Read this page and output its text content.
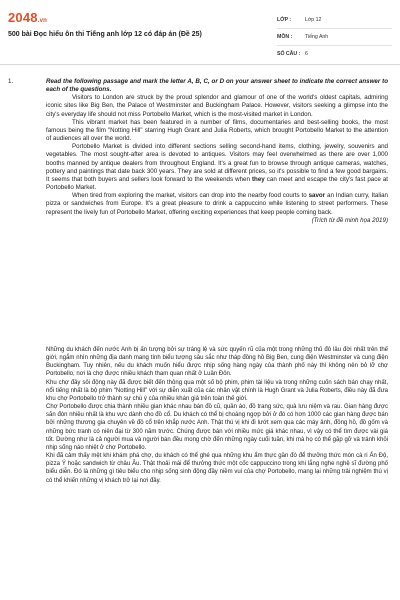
2048.vn
500 bài Đọc hiểu ôn thi Tiếng anh lớp 12 có đáp án (Đề 25)
LỚP :	Lớp 12
MÔN :	Tiếng Anh
SỐ CÂU : 6
1.	Read the following passage and mark the letter A, B, C, or D on your answer sheet to indicate the correct answer to each of the questions.

Visitors to London are struck by the proud splendor and glamour of one of the world's oldest capitals, admiring iconic sites like Big Ben, the Palace of Westminster and Buckingham Palace. However, visitors seeking a glimpse into the city's everyday life should not miss Portobello Market, which is the most-visited market in London.

This vibrant market has been featured in a number of films, documentaries and best-selling books, the most famous being the film "Notting Hill" starring Hugh Grant and Julia Roberts, which brought Portobello Market to the attention of audiences all over the world.

Portobello Market is divided into different sections selling second-hand items, clothing, jewelry, souvenirs and vegetables. The most sought-after area is devoted to antiques. Visitors may feel overwhelmed as there are over 1,000 booths manned by antique dealers from throughout England. It's a great fun to browse through antique cameras, watches, pottery and paintings that date back 300 years. They are sold at different prices, so it's possible to find a few good bargains. It seems that both buyers and sellers look forward to the weekends when they can meet and escape the city's fast pace at Portobello Market.

When tired from exploring the market, visitors can drop into the nearby food courts to savor an Indian curry, Italian pizza or sandwiches from Europe. It's a great pleasure to drink a cappuccino while listening to street performers. These represent the lively fun of Portobello Market, offering exciting experiences that keep people coming back.

(Trích từ đề minh họa 2019)

Những du khách đến nước Anh bị ấn tượng bởi sự tráng lệ và sức quyến rũ của một trong những thủ đô lâu đời nhất trên thế giới, ngắm nhìn những địa danh mang tính biểu tượng sâu sắc như tháp đồng hồ Big Ben, cung điện Westminster và cung điện Buckingham. Tuy nhiên, nếu du khách muốn hiểu được nhịp sống hàng ngày của thành phố này thì không nên bỏ lỡ chợ Portobello, nơi là chợ được nhiều khách tham quan nhất ở Luân Đôn.

Khu chợ đầy sôi động này đã được biết đến thông qua một số bộ phim, phim tài liệu và trong những cuốn sách bán chạy nhất, nổi tiếng nhất là bộ phim "Notting Hill" với sự diễn xuất của các nhân vật chính là Hugh Grant và Julia Roberts, điều này đã đưa khu chợ Portobello trở thành sự chú ý của nhiều khán giả trên toàn thế giới.

Chợ Portobello được chia thành nhiều gian khác nhau bán đồ cũ, quần áo, đồ trang sức, quà lưu niệm và rau. Gian hàng được săn đón nhiều nhất là khu vực dành cho đồ cổ. Du khách có thể bị choáng ngợp bởi ở đó có hơn 1000 các gian hàng được bán bởi những thương gia chuyên về đồ cổ trên khắp nước Anh. Thật thú vị khi đi lướt xem qua các máy ảnh, đồng hồ, đồ gốm và những bức tranh có niên đại từ 300 năm trước. Chúng được bán với nhiều mức giá khác nhau, vì vậy có thể tìm được vài giá tốt. Dường như là cả người mua và người bán đều mong chờ đến những ngày cuối tuần, khi mà họ có thể gặp gỡ và tránh khỏi nhịp sống náo nhiệt ở chợ Portobello.

Khi đã cảm thấy mệt khi khám phá chợ, du khách có thể ghé qua những khu ẩm thực gần đó để thưởng thức món cà ri Ấn Độ, pizza Ý hoặc sandwich từ châu Âu. Thật thoải mái để thưởng thức một cốc cappuccino trong khi lắng nghe nghệ sĩ đường phố biểu diễn. Đó là những gì tiêu biểu cho nhịp sống sinh động đầy niềm vui của chợ Portobello, mang lại những trải nghiệm thú vị có thể khiến những vị khách trở lại nơi đây.
